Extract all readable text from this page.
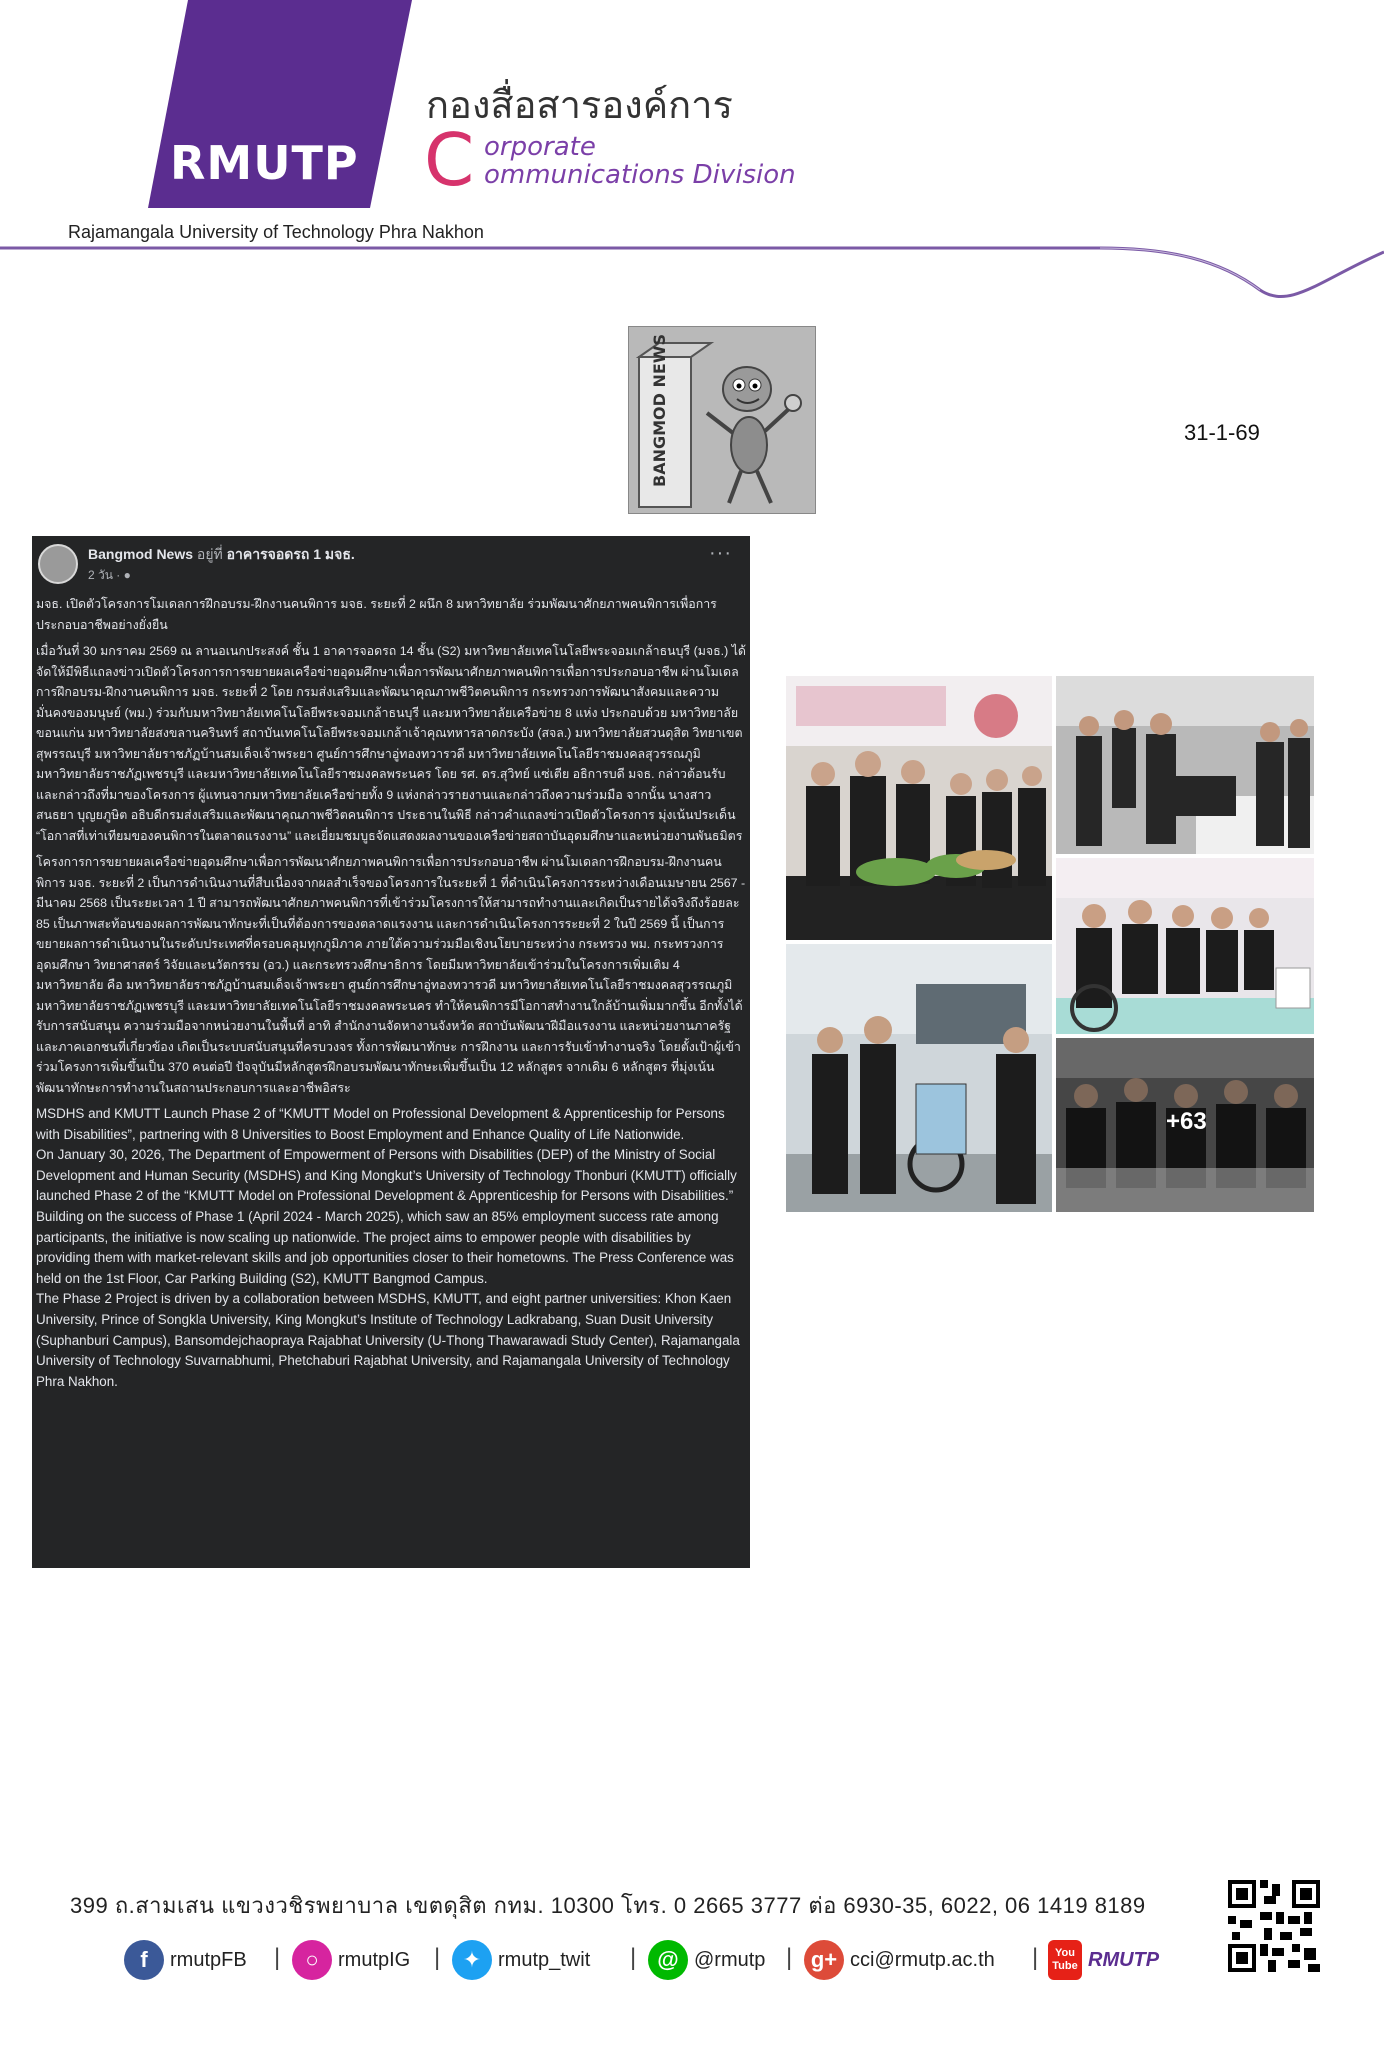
RMUTP
กองสื่อสารองค์การ
C orporate
ommunications Division
Rajamangala University of Technology Phra Nakhon
BANGMOD NEWS	31-1-69
Bangmod News อยู่ที่ อาคารจอดรถ 1 มจธ.
2 วัน · ●
···

มจธ. เปิดตัวโครงการโมเดลการฝึกอบรม-ฝึกงานคนพิการ มจธ. ระยะที่ 2 ผนึก 8 มหาวิทยาลัย ร่วมพัฒนาศักยภาพคนพิการเพื่อการประกอบอาชีพอย่างยั่งยืน

เมื่อวันที่ 30 มกราคม 2569 ณ ลานอเนกประสงค์ ชั้น 1 อาคารจอดรถ 14 ชั้น (S2) มหาวิทยาลัยเทคโนโลยีพระจอมเกล้าธนบุรี (มจธ.) ได้จัดให้มีพิธีแถลงข่าวเปิดตัวโครงการการขยายผลเครือข่ายอุดมศึกษาเพื่อการพัฒนาศักยภาพคนพิการเพื่อการประกอบอาชีพ ผ่านโมเดลการฝึกอบรม-ฝึกงานคนพิการ มจธ. ระยะที่ 2 โดย กรมส่งเสริมและพัฒนาคุณภาพชีวิตคนพิการ กระทรวงการพัฒนาสังคมและความมั่นคงของมนุษย์ (พม.) ร่วมกับมหาวิทยาลัยเทคโนโลยีพระจอมเกล้าธนบุรี และมหาวิทยาลัยเครือข่าย 8 แห่ง ประกอบด้วย มหาวิทยาลัยขอนแก่น มหาวิทยาลัยสงขลานครินทร์ สถาบันเทคโนโลยีพระจอมเกล้าเจ้าคุณทหารลาดกระบัง (สจล.) มหาวิทยาลัยสวนดุสิต วิทยาเขตสุพรรณบุรี มหาวิทยาลัยราชภัฏบ้านสมเด็จเจ้าพระยา ศูนย์การศึกษาอู่ทองทวารวดี มหาวิทยาลัยเทคโนโลยีราชมงคลสุวรรณภูมิ มหาวิทยาลัยราชภัฏเพชรบุรี และมหาวิทยาลัยเทคโนโลยีราชมงคลพระนคร โดย รศ. ดร.สุวิทย์ แซ่เตีย อธิการบดี มจธ. กล่าวต้อนรับและกล่าวถึงที่มาของโครงการ ผู้แทนจากมหาวิทยาลัยเครือข่ายทั้ง 9 แห่งกล่าวรายงานและกล่าวถึงความร่วมมือ จากนั้น นางสาวสนธยา บุญยภูษิต อธิบดีกรมส่งเสริมและพัฒนาคุณภาพชีวิตคนพิการ ประธานในพิธี กล่าวคำแถลงข่าวเปิดตัวโครงการ มุ่งเน้นประเด็น “โอกาสที่เท่าเทียมของคนพิการในตลาดแรงงาน” และเยี่ยมชมบูธจัดแสดงผลงานของเครือข่ายสถาบันอุดมศึกษาและหน่วยงานพันธมิตร

โครงการการขยายผลเครือข่ายอุดมศึกษาเพื่อการพัฒนาศักยภาพคนพิการเพื่อการประกอบอาชีพ ผ่านโมเดลการฝึกอบรม-ฝึกงานคนพิการ มจธ. ระยะที่ 2 เป็นการดำเนินงานที่สืบเนื่องจากผลสำเร็จของโครงการในระยะที่ 1 ที่ดำเนินโครงการระหว่างเดือนเมษายน 2567 - มีนาคม 2568 เป็นระยะเวลา 1 ปี สามารถพัฒนาศักยภาพคนพิการที่เข้าร่วมโครงการให้สามารถทำงานและเกิดเป็นรายได้จริงถึงร้อยละ 85 เป็นภาพสะท้อนของผลการพัฒนาทักษะที่เป็นที่ต้องการของตลาดแรงงาน และการดำเนินโครงการระยะที่ 2 ในปี 2569 นี้ เป็นการขยายผลการดำเนินงานในระดับประเทศที่ครอบคลุมทุกภูมิภาค ภายใต้ความร่วมมือเชิงนโยบายระหว่าง กระทรวง พม. กระทรวงการอุดมศึกษา วิทยาศาสตร์ วิจัยและนวัตกรรม (อว.) และกระทรวงศึกษาธิการ โดยมีมหาวิทยาลัยเข้าร่วมในโครงการเพิ่มเติม 4 มหาวิทยาลัย คือ มหาวิทยาลัยราชภัฏบ้านสมเด็จเจ้าพระยา ศูนย์การศึกษาอู่ทองทวารวดี มหาวิทยาลัยเทคโนโลยีราชมงคลสุวรรณภูมิ มหาวิทยาลัยราชภัฏเพชรบุรี และมหาวิทยาลัยเทคโนโลยีราชมงคลพระนคร ทำให้คนพิการมีโอกาสทำงานใกล้บ้านเพิ่มมากขึ้น อีกทั้งได้รับการสนับสนุน ความร่วมมือจากหน่วยงานในพื้นที่ อาทิ สำนักงานจัดหางานจังหวัด สถาบันพัฒนาฝีมือแรงงาน และหน่วยงานภาครัฐและภาคเอกชนที่เกี่ยวข้อง เกิดเป็นระบบสนับสนุนที่ครบวงจร ทั้งการพัฒนาทักษะ การฝึกงาน และการรับเข้าทำงานจริง โดยตั้งเป้าผู้เข้าร่วมโครงการเพิ่มขึ้นเป็น 370 คนต่อปี ปัจจุบันมีหลักสูตรฝึกอบรมพัฒนาทักษะเพิ่มขึ้นเป็น 12 หลักสูตร จากเดิม 6 หลักสูตร ที่มุ่งเน้นพัฒนาทักษะการทำงานในสถานประกอบการและอาชีพอิสระ

MSDHS and KMUTT Launch Phase 2 of “KMUTT Model on Professional Development & Apprenticeship for Persons with Disabilities”, partnering with 8 Universities to Boost Employment and Enhance Quality of Life Nationwide.

On January 30, 2026, The Department of Empowerment of Persons with Disabilities (DEP) of the Ministry of Social Development and Human Security (MSDHS) and King Mongkut’s University of Technology Thonburi (KMUTT) officially launched Phase 2 of the “KMUTT Model on Professional Development & Apprenticeship for Persons with Disabilities.” Building on the success of Phase 1 (April 2024 - March 2025), which saw an 85% employment success rate among participants, the initiative is now scaling up nationwide. The project aims to empower people with disabilities by providing them with market-relevant skills and job opportunities closer to their hometowns. The Press Conference was held on the 1st Floor, Car Parking Building (S2), KMUTT Bangmod Campus.

The Phase 2 Project is driven by a collaboration between MSDHS, KMUTT, and eight partner universities: Khon Kaen University, Prince of Songkla University, King Mongkut’s Institute of Technology Ladkrabang, Suan Dusit University (Suphanburi Campus), Bansomdejchaopraya Rajabhat University (U-Thong Thawarawadi Study Center), Rajamangala University of Technology Suvarnabhumi, Phetchaburi Rajabhat University, and Rajamangala University of Technology Phra Nakhon.

+63
399 ถ.สามเสน แขวงวชิรพยาบาล เขตดุสิต กทม. 10300 โทร. 0 2665 3777 ต่อ 6930-35, 6022, 06 1419 8189
f	rmutpFB |	○ rmutpIG |	✦ rmutp_twit | @ @rmutp | g+ cci@rmutp.ac.th | You
Tube RMUTP
